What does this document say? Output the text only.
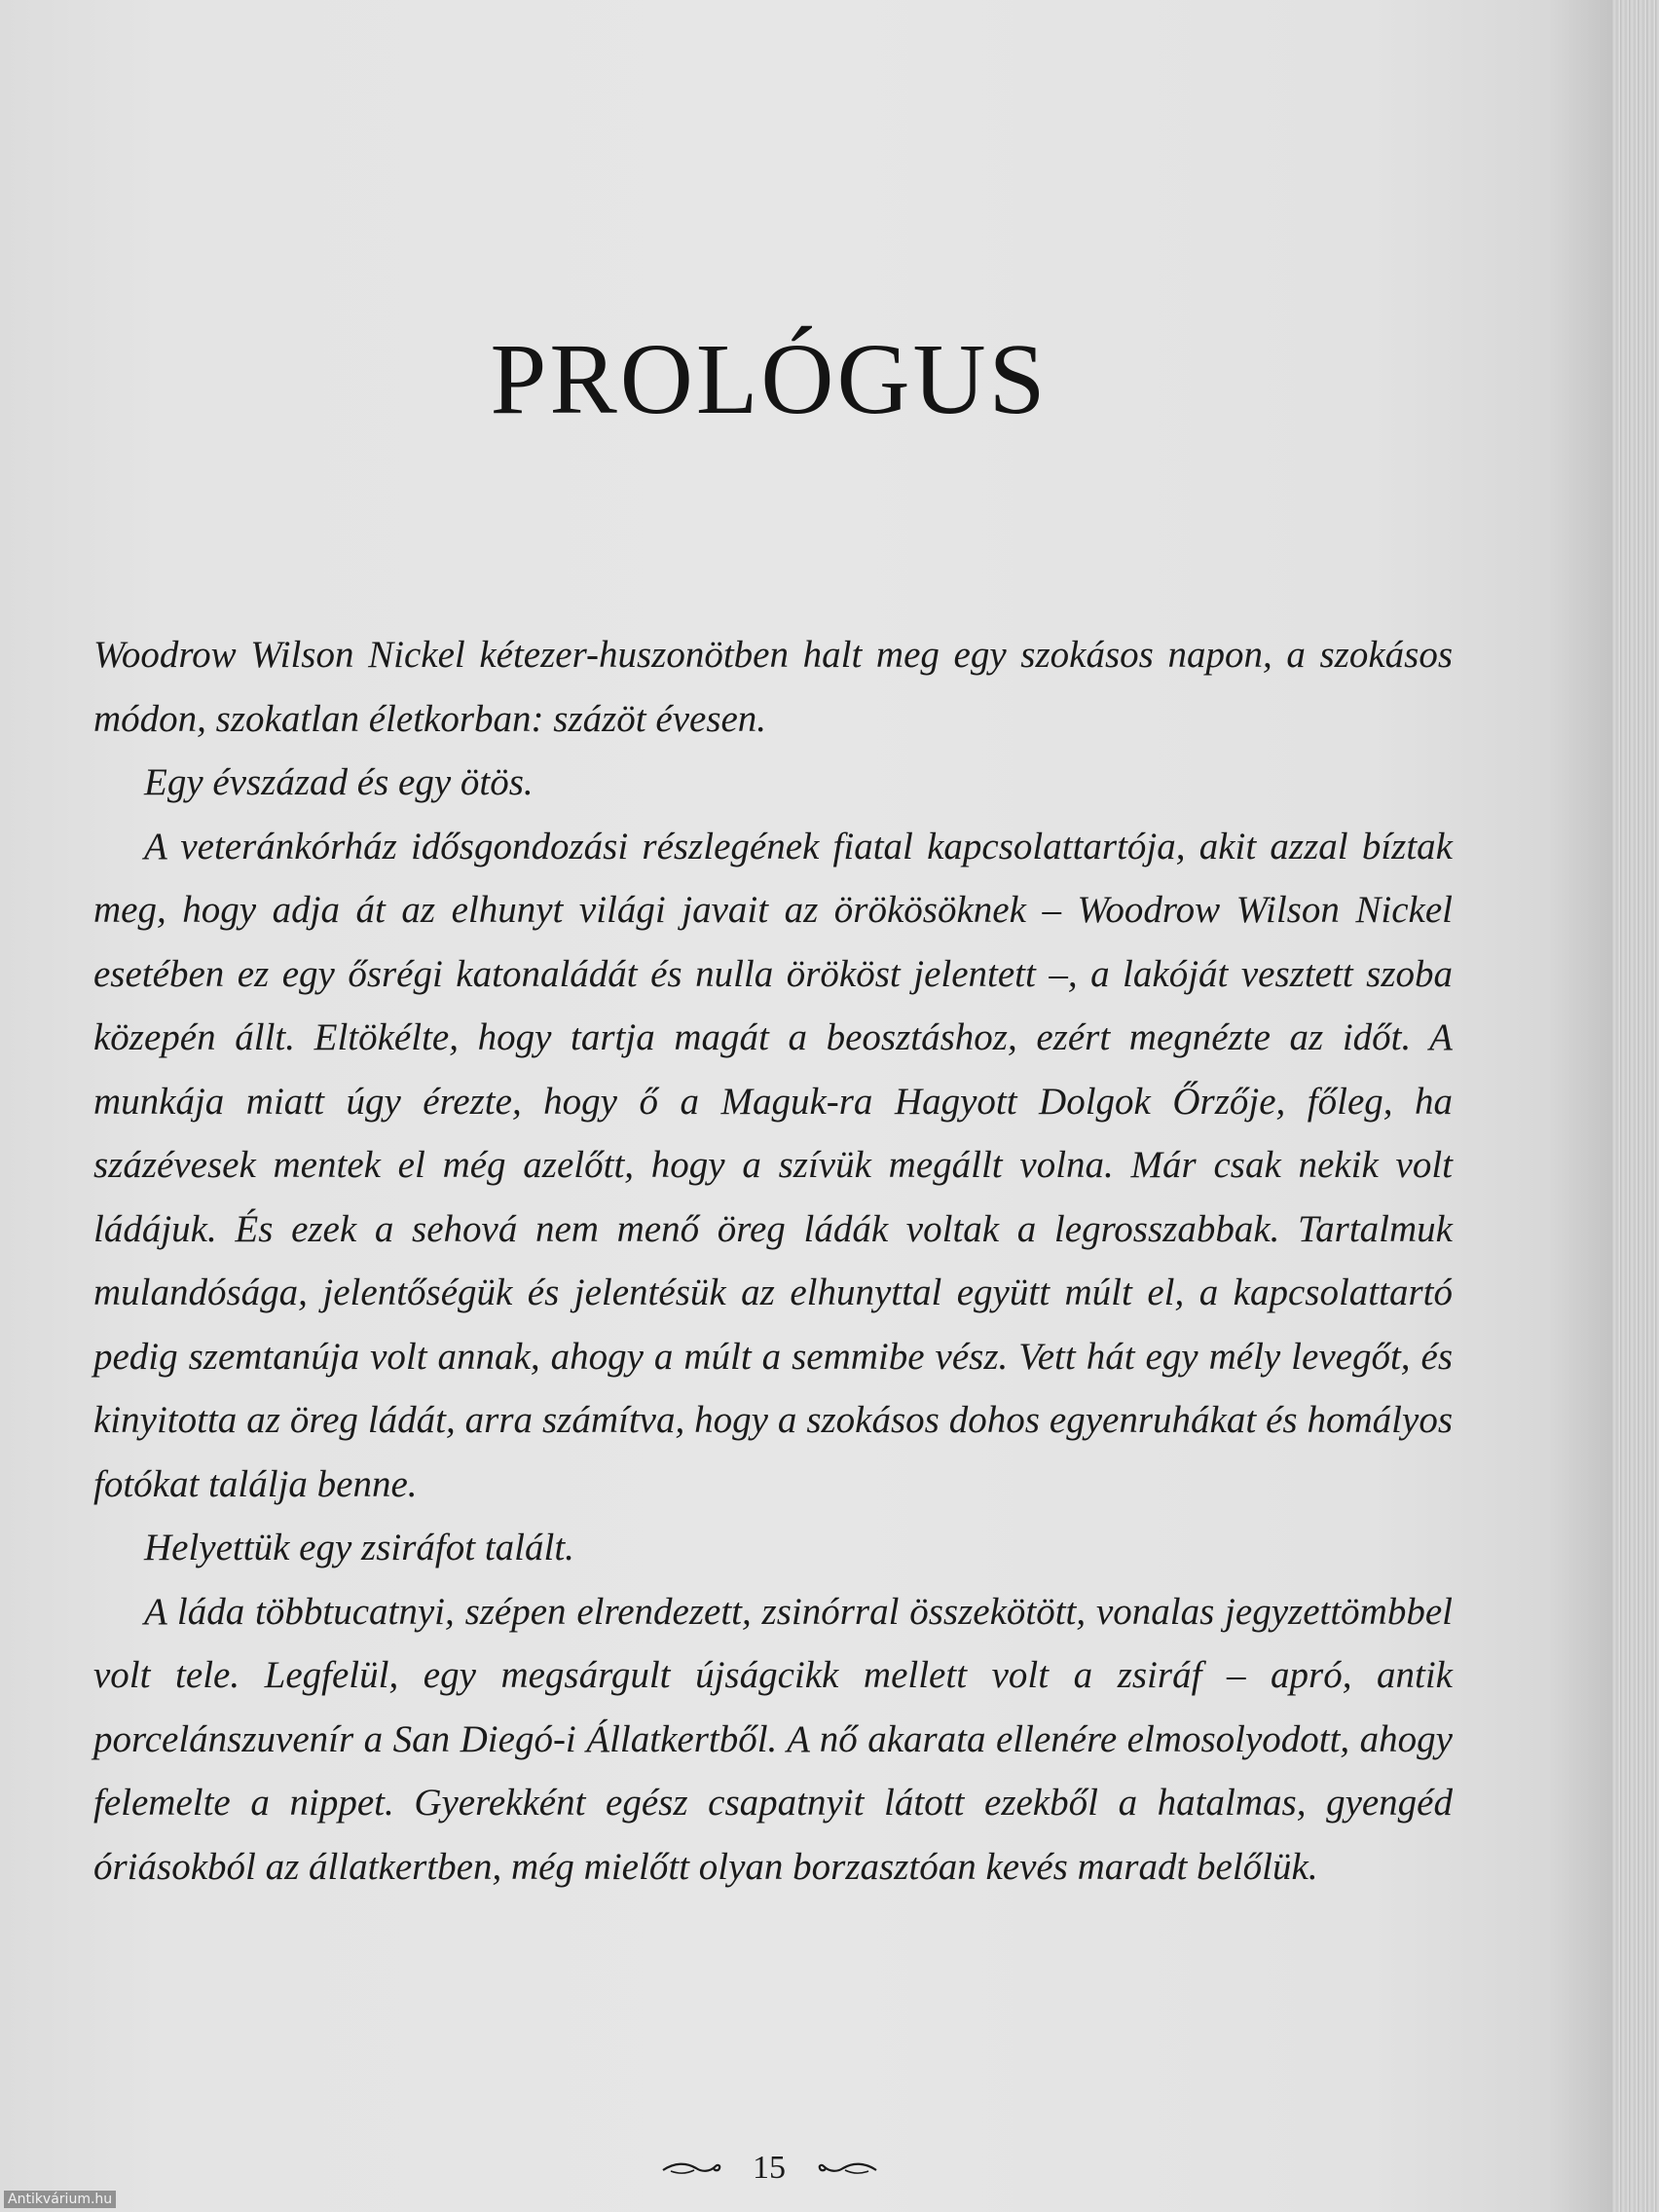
PROLÓGUS

Woodrow Wilson Nickel kétezer-huszonötben halt meg egy szokásos napon, a szokásos módon, szokatlan életkorban: százöt évesen.

Egy évszázad és egy ötös.

A veteránkórház idősgondozási részlegének fiatal kapcsolattartója, akit azzal bíztak meg, hogy adja át az elhunyt világi javait az örökösöknek – Woodrow Wilson Nickel esetében ez egy ősrégi katonaládát és nulla örököst jelentett –, a lakóját vesztett szoba közepén állt. Eltökélte, hogy tartja magát a beosztáshoz, ezért megnézte az időt. A munkája miatt úgy érezte, hogy ő a Maguk-ra Hagyott Dolgok Őrzője, főleg, ha százévesek mentek el még azelőtt, hogy a szívük megállt volna. Már csak nekik volt ládájuk. És ezek a sehová nem menő öreg ládák voltak a legrosszabbak. Tartalmuk mulandósága, jelentőségük és jelentésük az elhunyttal együtt múlt el, a kapcsolattartó pedig szemtanúja volt annak, ahogy a múlt a semmibe vész. Vett hát egy mély levegőt, és kinyitotta az öreg ládát, arra számítva, hogy a szokásos dohos egyenruhákat és homályos fotókat találja benne.

Helyettük egy zsiráfot talált.

A láda többtucatnyi, szépen elrendezett, zsinórral összekötött, vonalas jegyzettömbbel volt tele. Legfelül, egy megsárgult újságcikk mellett volt a zsiráf – apró, antik porcelánszuvenír a San Diegó-i Állatkertből. A nő akarata ellenére elmosolyodott, ahogy felemelte a nippet. Gyerekként egész csapatnyit látott ezekből a hatalmas, gyengéd óriásokból az állatkertben, még mielőtt olyan borzasztóan kevés maradt belőlük.

15
Antikvárium.hu
